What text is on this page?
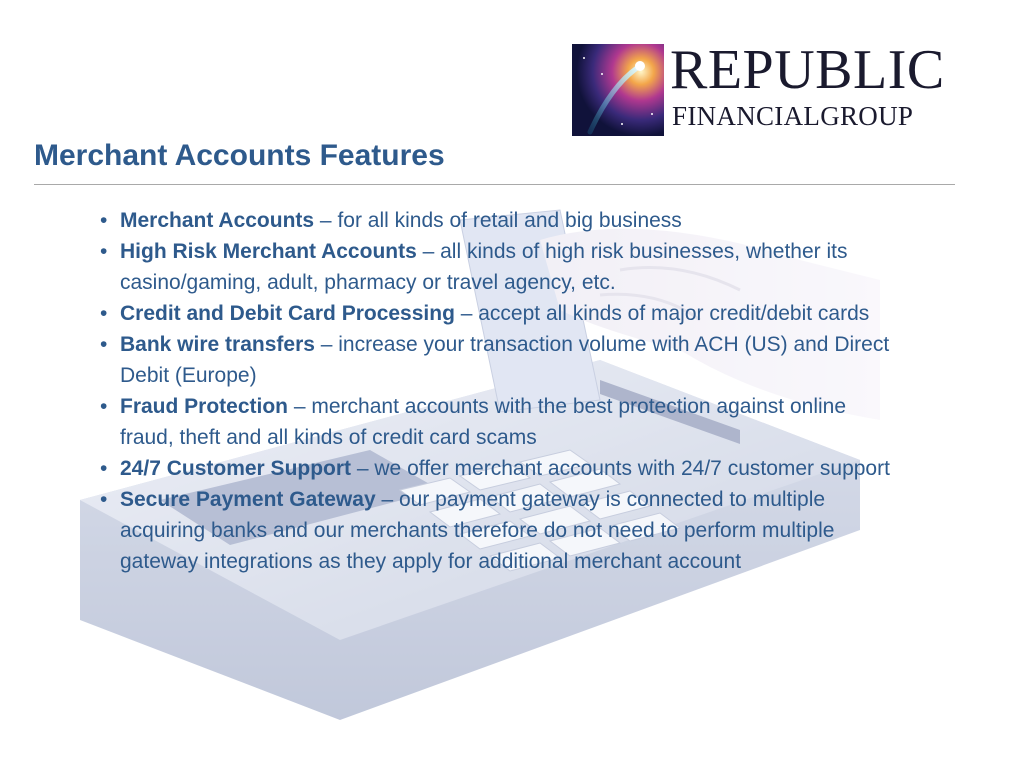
REPUBLIC
FINANCIALGROUP
Merchant Accounts Features
• Merchant Accounts – for all kinds of retail and big business
• High Risk Merchant Accounts – all kinds of high risk businesses, whether its casino/gaming, adult, pharmacy or travel agency, etc.
• Credit and Debit Card Processing – accept all kinds of major credit/debit cards
• Bank wire transfers – increase your transaction volume with ACH (US) and Direct Debit (Europe)
• Fraud Protection – merchant accounts with the best protection against online fraud, theft and all kinds of credit card scams
• 24/7 Customer Support – we offer merchant accounts with 24/7 customer support
• Secure Payment Gateway – our payment gateway is connected to multiple acquiring banks and our merchants therefore do not need to perform multiple gateway integrations as they apply for additional merchant account
